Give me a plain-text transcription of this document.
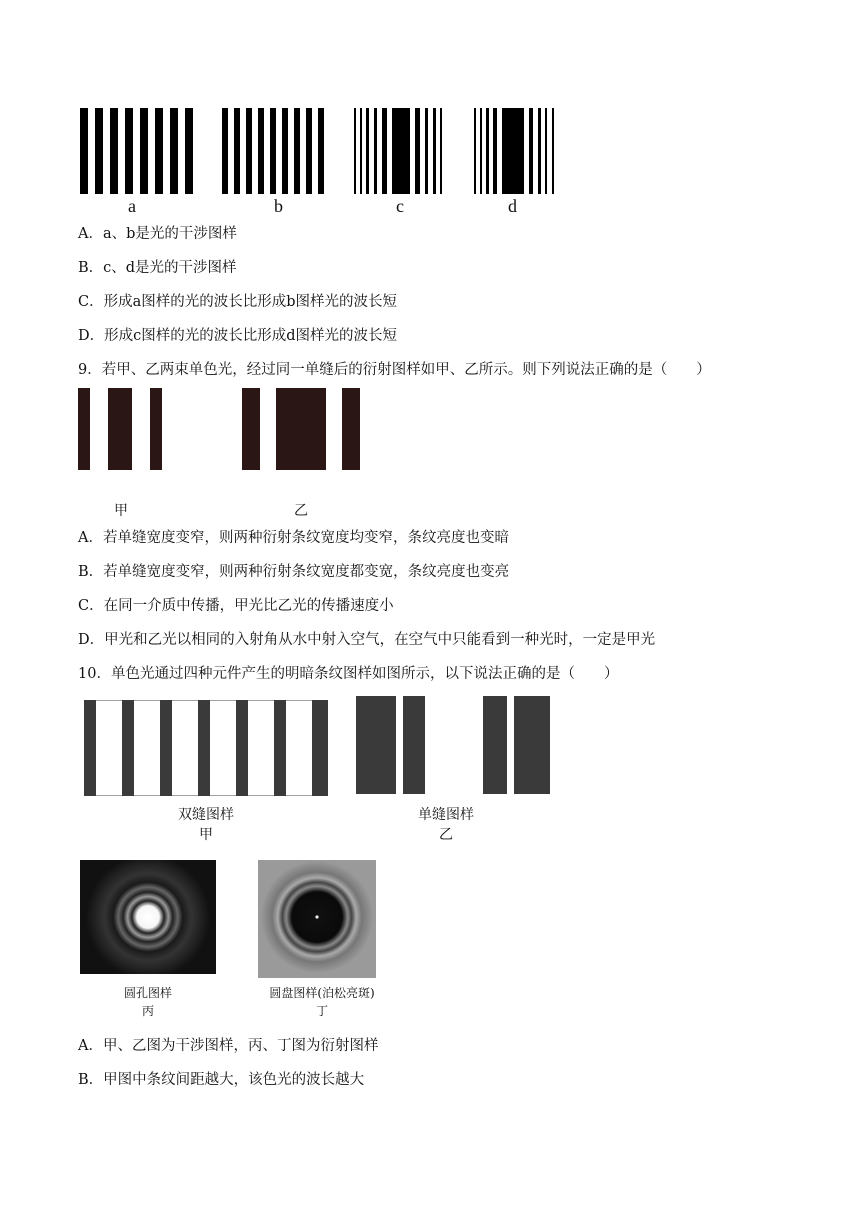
a	b	c	d
A．a、b是光的干涉图样
B．c、d是光的干涉图样
C．形成a图样的光的波长比形成b图样光的波长短
D．形成c图样的光的波长比形成d图样光的波长短
9．若甲、乙两束单色光，经过同一单缝后的衍射图样如甲、乙所示。则下列说法正确的是（　　）
甲	乙
A．若单缝宽度变窄，则两种衍射条纹宽度均变窄，条纹亮度也变暗
B．若单缝宽度变窄，则两种衍射条纹宽度都变宽，条纹亮度也变亮
C．在同一介质中传播，甲光比乙光的传播速度小
D．甲光和乙光以相同的入射角从水中射入空气，在空气中只能看到一种光时，一定是甲光
10．单色光通过四种元件产生的明暗条纹图样如图所示，以下说法正确的是（　　）
双缝图样
甲
单缝图样
乙
圆孔图样
丙
圆盘图样(泊松亮斑)
丁
A．甲、乙图为干涉图样，丙、丁图为衍射图样
B．甲图中条纹间距越大，该色光的波长越大
